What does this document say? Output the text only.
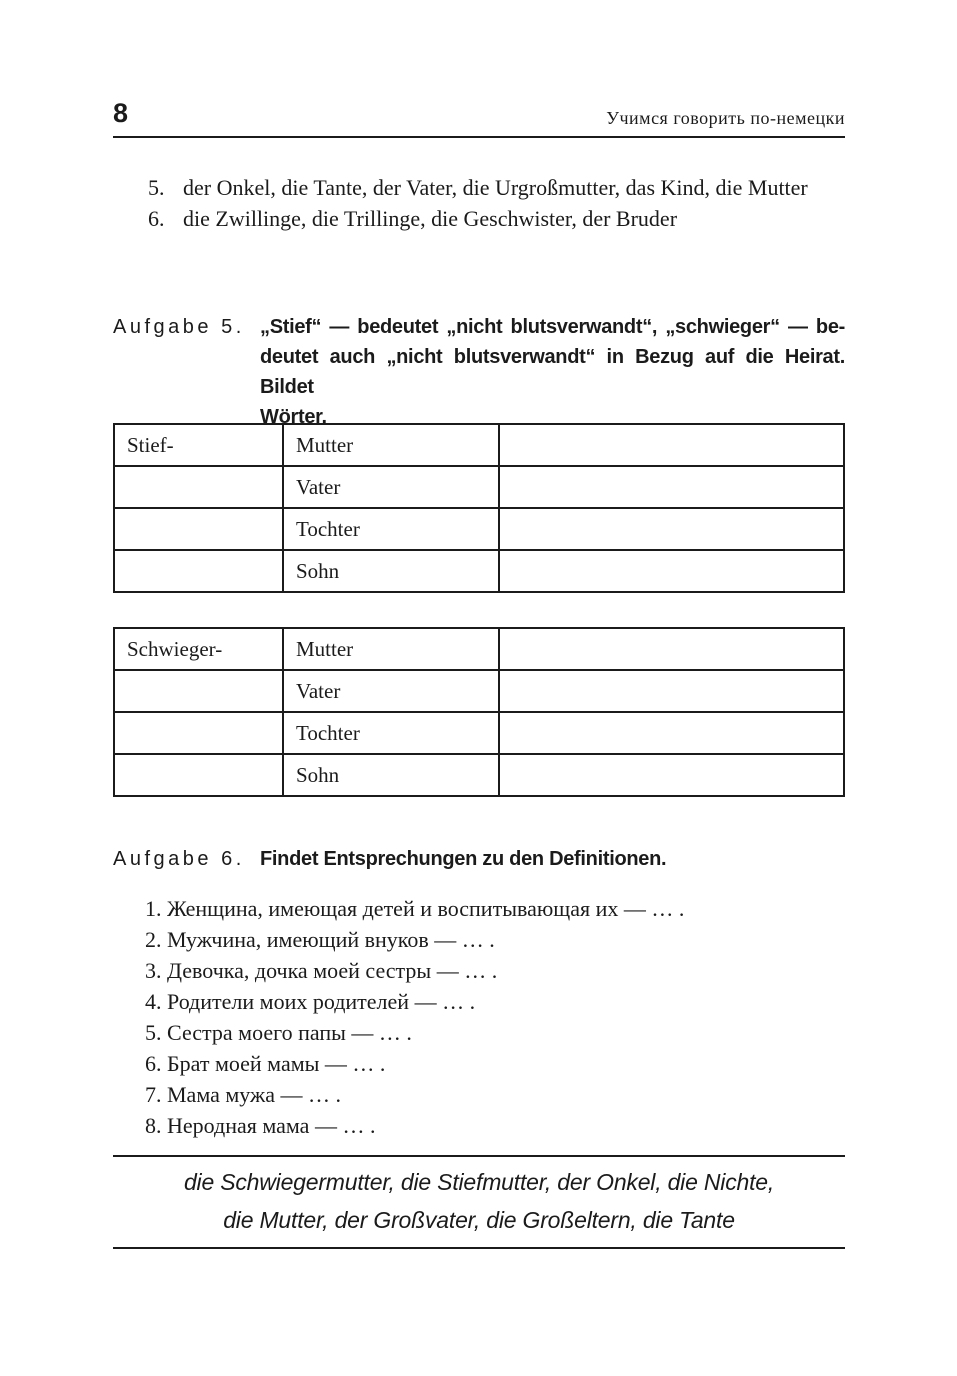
8	Учимся говорить по-немецки
5. der Onkel, die Tante, der Vater, die Urgroßmutter, das Kind, die Mutter
6. die Zwillinge, die Trillinge, die Geschwister, der Bruder
Aufgabe 5. „Stief“ — bedeutet „nicht blutsverwandt“, „schwieger“ — be-
deutet auch „nicht blutsverwandt“ in Bezug auf die Heirat. Bildet
Wörter.
Stief-	Mutter	
	Vater	
	Tochter	
	Sohn	
Schwieger-	Mutter	
	Vater	
	Tochter	
	Sohn	
Aufgabe 6. Findet Entsprechungen zu den Definitionen.
1. Женщина, имеющая детей и воспитывающая их — … .
2. Мужчина, имеющий внуков — … .
3. Девочка, дочка моей сестры — … .
4. Родители моих родителей — … .
5. Сестра моего папы — … .
6. Брат моей мамы — … .
7. Мама мужа — … .
8. Неродная мама — … .
die Schwiegermutter, die Stiefmutter, der Onkel, die Nichte,
die Mutter, der Großvater, die Großeltern, die Tante
